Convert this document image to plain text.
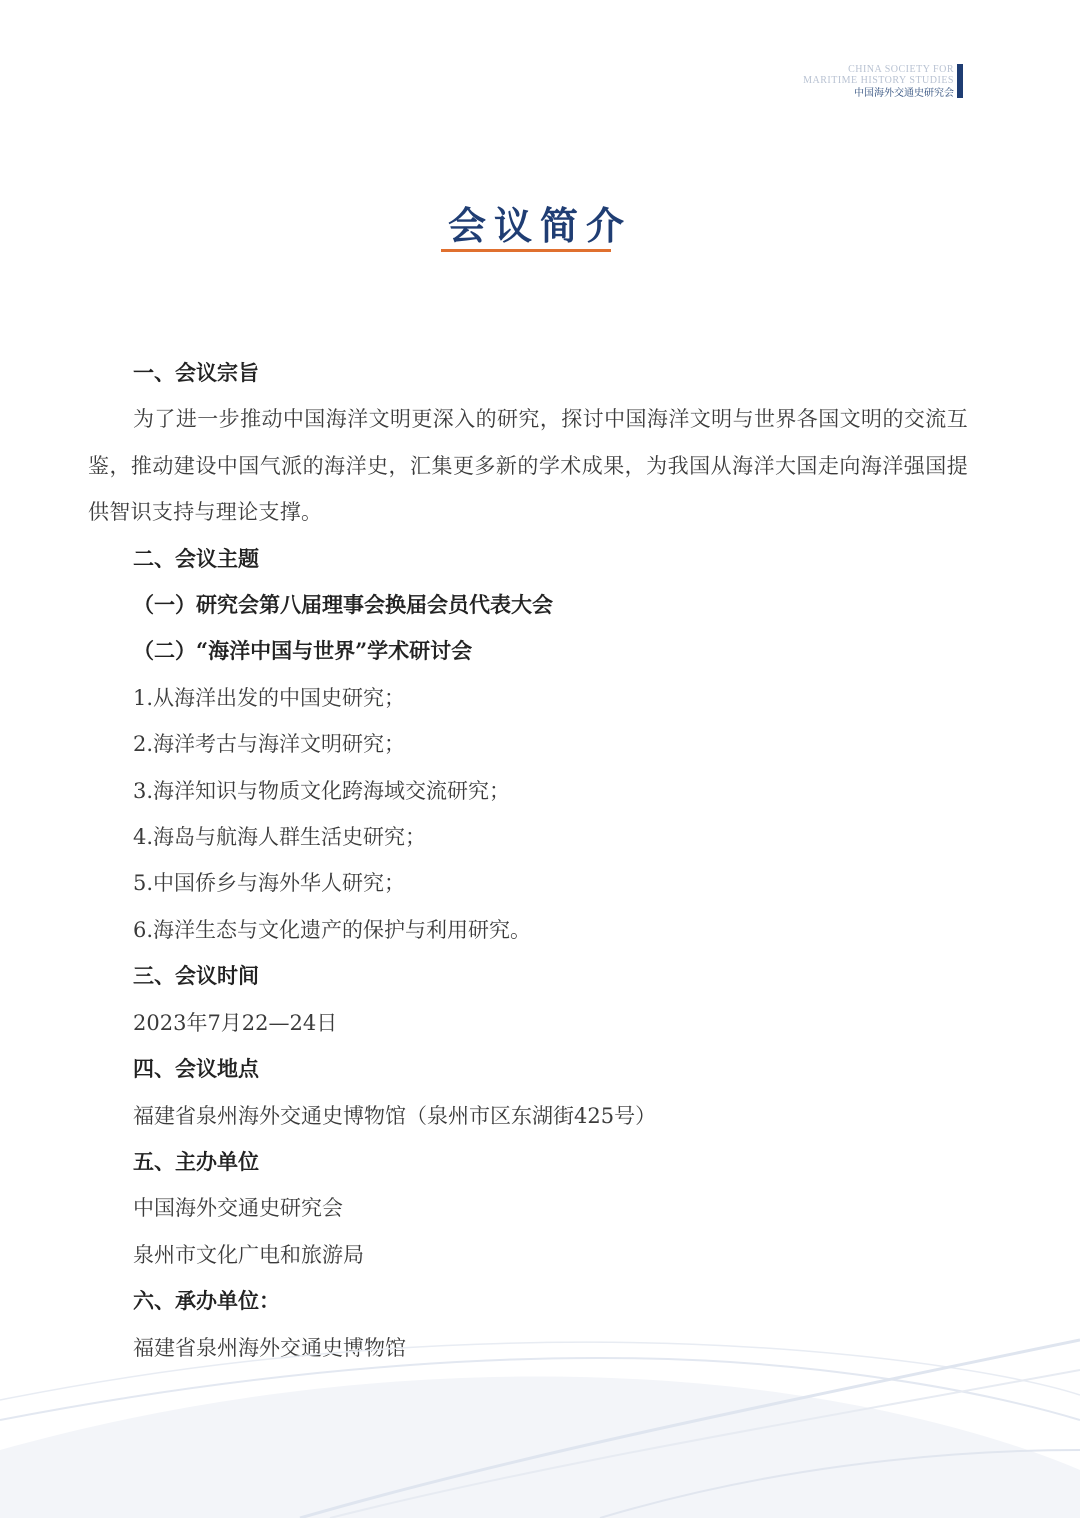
CHINA SOCIETY FOR
MARITIME HISTORY STUDIES
中国海外交通史研究会
会议简介
一、会议宗旨
为了进一步推动中国海洋文明更深入的研究，探讨中国海洋文明与世界各国文明的交流互鉴，推动建设中国气派的海洋史，汇集更多新的学术成果，为我国从海洋大国走向海洋强国提供智识支持与理论支撑。
二、会议主题
（一）研究会第八届理事会换届会员代表大会
（二）“海洋中国与世界”学术研讨会
1.从海洋出发的中国史研究；
2.海洋考古与海洋文明研究；
3.海洋知识与物质文化跨海域交流研究；
4.海岛与航海人群生活史研究；
5.中国侨乡与海外华人研究；
6.海洋生态与文化遗产的保护与利用研究。
三、会议时间
2023年7月22—24日
四、会议地点
福建省泉州海外交通史博物馆（泉州市区东湖街425号）
五、主办单位
中国海外交通史研究会
泉州市文化广电和旅游局
六、承办单位：
福建省泉州海外交通史博物馆
